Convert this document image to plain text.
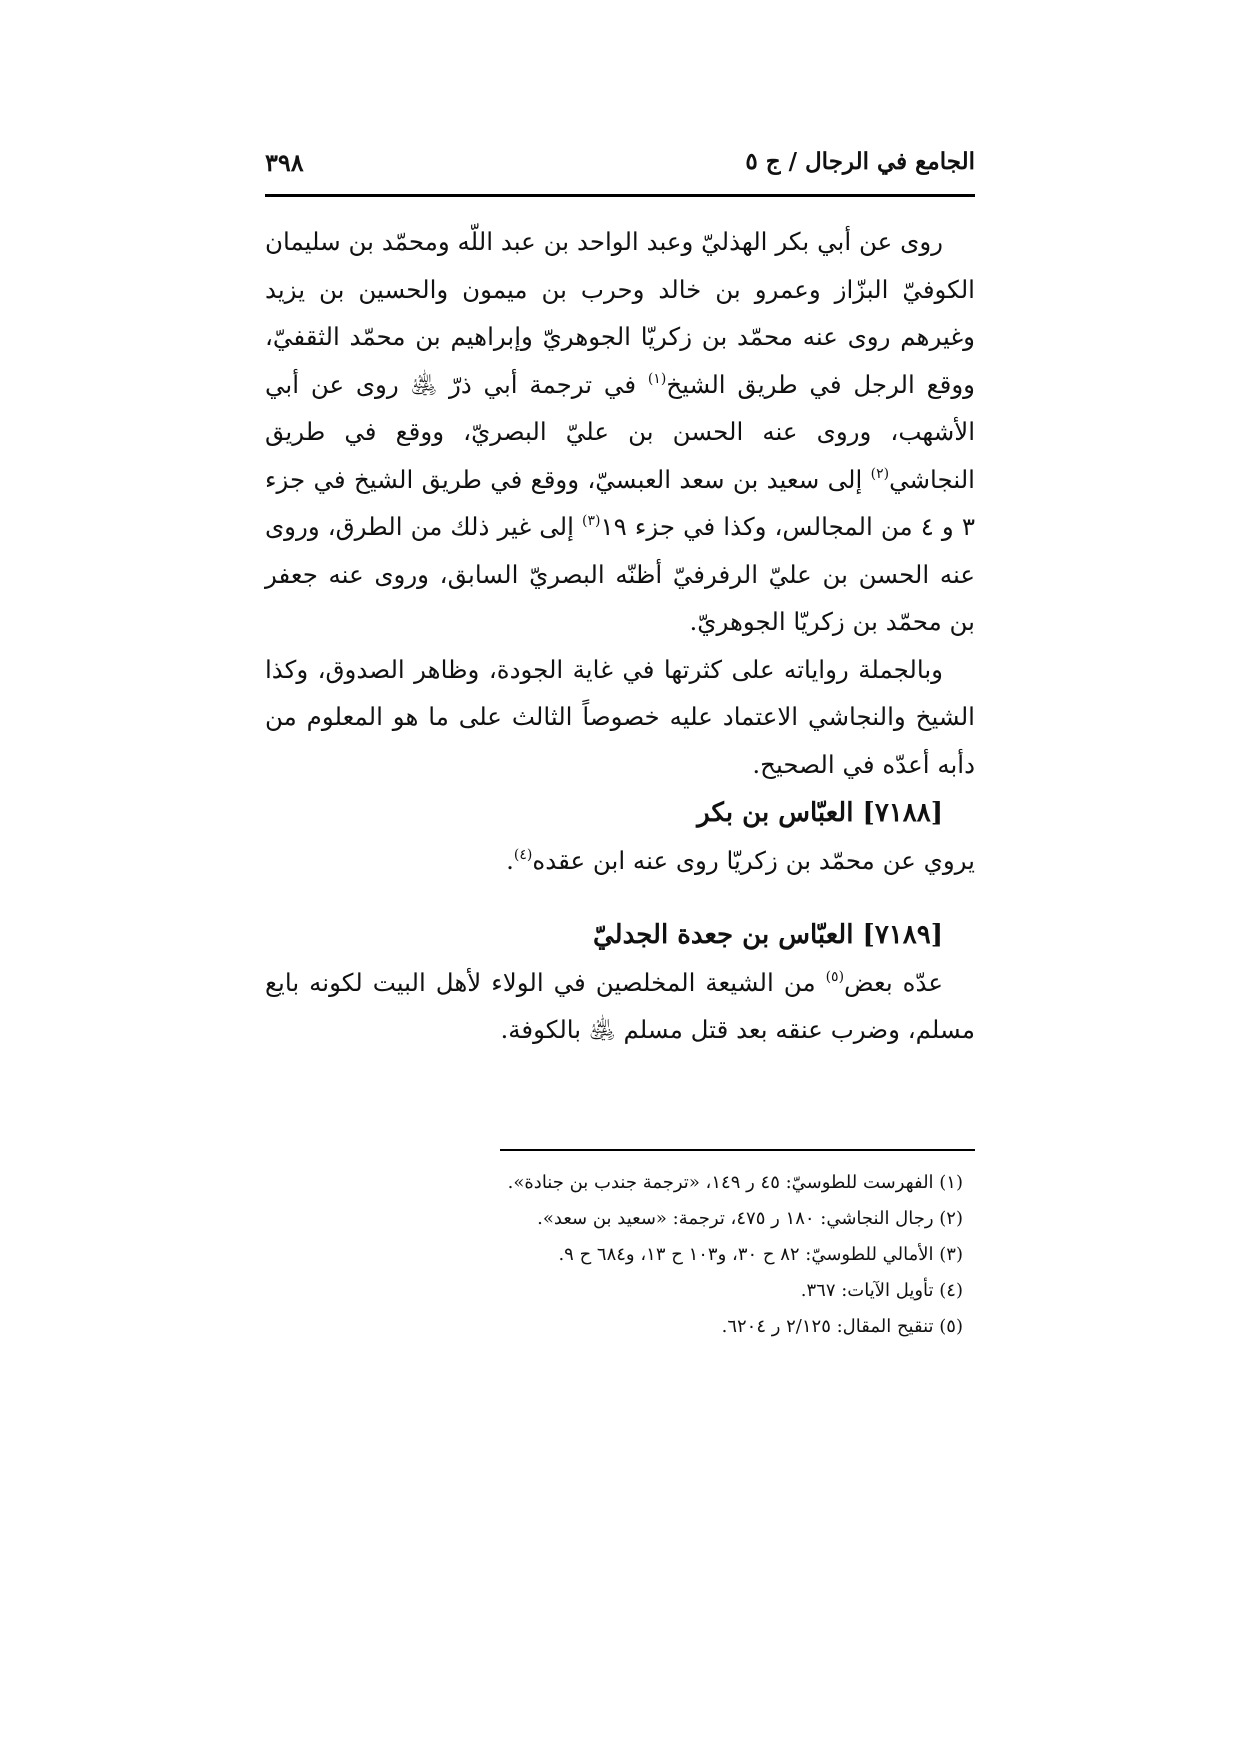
الجامع في الرجال / ج ٥
٣٩٨

روى عن أبي بكر الهذليّ وعبد الواحد بن عبد اللّه ومحمّد بن سليمان الكوفيّ البزّاز وعمرو بن خالد وحرب بن ميمون والحسين بن يزيد وغيرهم روى عنه محمّد بن زكريّا الجوهريّ وإبراهيم بن محمّد الثقفيّ، ووقع الرجل في طريق الشيخ$^{(١)}$ في ترجمة أبي ذرّ ﵁ روى عن أبي الأشهب، وروى عنه الحسن بن عليّ البصريّ، ووقع في طريق النجاشي$^{(٢)}$ إلى سعيد بن سعد العبسيّ، ووقع في طريق الشيخ في جزء ٣ و ٤ من المجالس، وكذا في جزء ١٩$^{(٣)}$ إلى غير ذلك من الطرق، وروى عنه الحسن بن عليّ الرفرفيّ أظنّه البصريّ السابق، وروى عنه جعفر بن محمّد بن زكريّا الجوهريّ.

وبالجملة رواياته على كثرتها في غاية الجودة، وظاهر الصدوق، وكذا الشيخ والنجاشي الاعتماد عليه خصوصاً الثالث على ما هو المعلوم من دأبه أعدّه في الصحيح.

[٧١٨٨] العبّاس بن بكر

يروي عن محمّد بن زكريّا روى عنه ابن عقده$^{(٤)}$.

[٧١٨٩] العبّاس بن جعدة الجدليّ

عدّه بعض$^{(٥)}$ من الشيعة المخلصين في الولاء لأهل البيت لكونه بايع مسلم، وضرب عنقه بعد قتل مسلم ﵁ بالكوفة.

(١) الفهرست للطوسيّ: ٤٥ ر ١٤٩، «ترجمة جندب بن جنادة».
(٢) رجال النجاشي: ١٨٠ ر ٤٧٥، ترجمة: «سعيد بن سعد».
(٣) الأمالي للطوسيّ: ٨٢ ح ٣٠، و١٠٣ ح ١٣، و٦٨٤ ح ٩.
(٤) تأويل الآيات: ٣٦٧.
(٥) تنقيح المقال: ٢/١٢٥ ر ٦٢٠٤.
